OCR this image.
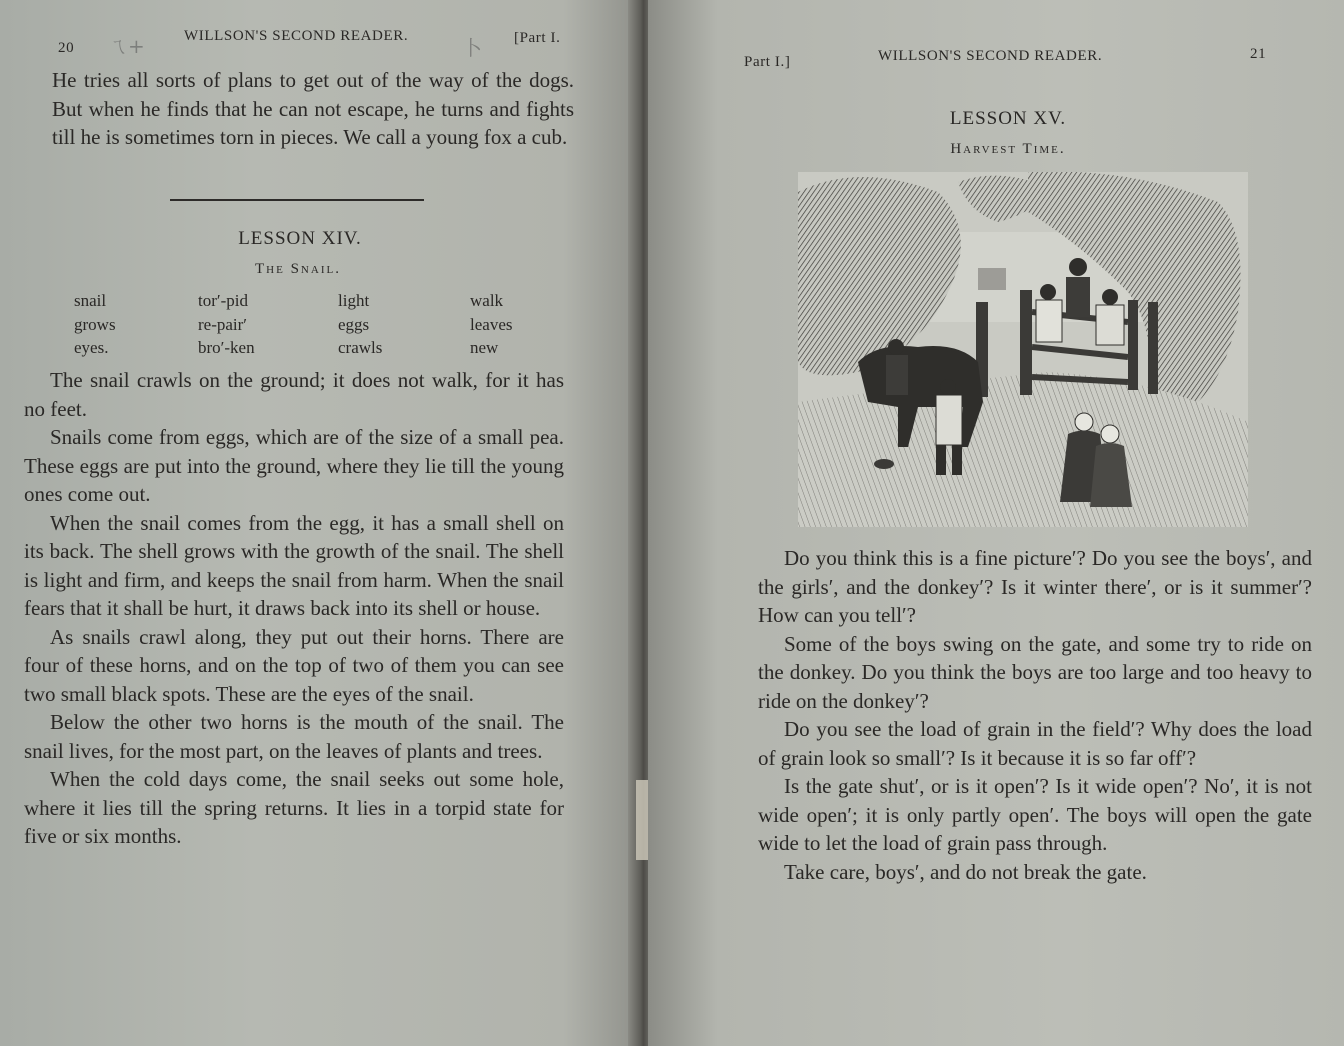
ㄟ+	卜
20
WILLSON'S SECOND READER.	[Part I.

He tries all sorts of plans to get out of the way of the dogs. But when he finds that he can not escape, he turns and fights till he is sometimes torn in pieces. We call a young fox a cub.

LESSON XIV.
The Snail.
snail	tor′-pid	light	walk
grows	re-pair′	eggs	leaves
eyes.	bro′-ken	crawls	new

The snail crawls on the ground; it does not walk, for it has no feet.

Snails come from eggs, which are of the size of a small pea. These eggs are put into the ground, where they lie till the young ones come out.

When the snail comes from the egg, it has a small shell on its back. The shell grows with the growth of the snail. The shell is light and firm, and keeps the snail from harm. When the snail fears that it shall be hurt, it draws back into its shell or house.

As snails crawl along, they put out their horns. There are four of these horns, and on the top of two of them you can see two small black spots. These are the eyes of the snail.

Below the other two horns is the mouth of the snail. The snail lives, for the most part, on the leaves of plants and trees.

When the cold days come, the snail seeks out some hole, where it lies till the spring returns. It lies in a torpid state for five or six months.

Part I.]	WILLSON'S SECOND READER.	21
LESSON XV.
Harvest Time.

Do you think this is a fine picture′? Do you see the boys′, and the girls′, and the donkey′? Is it winter there′, or is it summer′? How can you tell′?

Some of the boys swing on the gate, and some try to ride on the donkey. Do you think the boys are too large and too heavy to ride on the donkey′?

Do you see the load of grain in the field′? Why does the load of grain look so small′? Is it because it is so far off′?

Is the gate shut′, or is it open′? Is it wide open′? No′, it is not wide open′; it is only partly open′. The boys will open the gate wide to let the load of grain pass through.

Take care, boys′, and do not break the gate.
